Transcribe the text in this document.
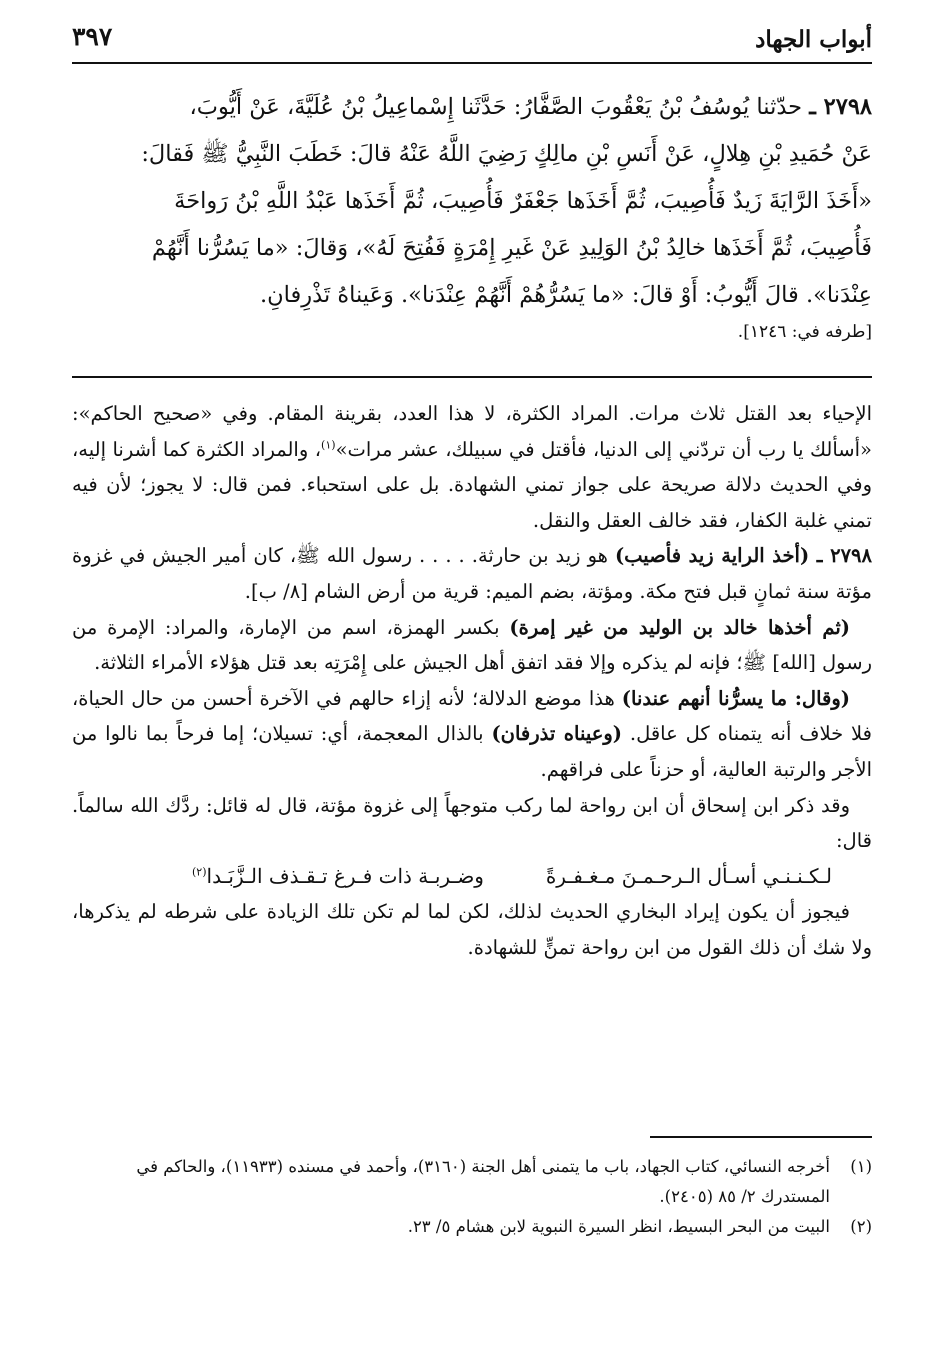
أبواب الجهاد
٣٩٧
٢٧٩٨ ـ حدّثنا يُوسُفُ بْنُ يَعْقُوبَ الصَّفَّارُ: حَدَّثَنا إِسْماعِيلُ بْنُ عُلَيَّةَ، عَنْ أَيُّوبَ،
عَنْ حُمَيدِ بْنِ هِلالٍ، عَنْ أَنَسِ بْنِ مالِكٍ رَضِيَ اللَّهُ عَنْهُ قالَ: خَطَبَ النَّبِيُّ ﷺ فَقالَ:
«أَخَذَ الرَّايَةَ زَيدٌ فَأُصِيبَ، ثُمَّ أَخَذَها جَعْفَرٌ فَأُصِيبَ، ثُمَّ أَخَذَها عَبْدُ اللَّهِ بْنُ رَواحَةَ
فَأُصِيبَ، ثُمَّ أَخَذَها خالِدُ بْنُ الوَلِيدِ عَنْ غَيرِ إِمْرَةٍ فَفُتِحَ لَهُ»، وَقالَ: «ما يَسُرُّنا أَنَّهُمْ
عِنْدَنا». قالَ أَيُّوبُ: أَوْ قالَ: «ما يَسُرُّهُمْ أَنَّهُمْ عِنْدَنا». وَعَيناهُ تَذْرِفانِ.
[طرفه في: ١٢٤٦].

الإحياء بعد القتل ثلاث مرات. المراد الكثرة، لا هذا العدد، بقرينة المقام. وفي «صحيح الحاكم»: «أسألك يا رب أن تردّني إلى الدنيا، فأقتل في سبيلك، عشر مرات»$^{(١)}$، والمراد الكثرة كما أشرنا إليه، وفي الحديث دلالة صريحة على جواز تمني الشهادة. بل على استحباء. فمن قال: لا يجوز؛ لأن فيه تمني غلبة الكفار، فقد خالف العقل والنقل.

٢٧٩٨ ـ (أخذ الراية زيد فأصيب) هو زيد بن حارثة. . . . . رسول الله ﷺ، كان أمير الجيش في غزوة مؤتة سنة ثمانٍ قبل فتح مكة. ومؤتة، بضم الميم: قرية من أرض الشام [٨/ ب].

(ثم أخذها خالد بن الوليد من غير إمرة) بكسر الهمزة، اسم من الإمارة، والمراد: الإمرة من رسول [الله] ﷺ؛ فإنه لم يذكره وإلا فقد اتفق أهل الجيش على إِمْرَتِه بعد قتل هؤلاء الأمراء الثلاثة.

(وقال: ما يسرُّنا أنهم عندنا) هذا موضع الدلالة؛ لأنه إزاء حالهم في الآخرة أحسن من حال الحياة، فلا خلاف أنه يتمناه كل عاقل. (وعيناه تذرفان) بالذال المعجمة، أي: تسيلان؛ إما فرحاً بما نالوا من الأجر والرتبة العالية، أو حزناً على فراقهم.

وقد ذكر ابن إسحاق أن ابن رواحة لما ركب متوجهاً إلى غزوة مؤتة، قال له قائل: ردَّك الله سالماً. قال:

لـكـنـنـي أسـأل الـرحـمـنَ مـغـفـرةً
وضـربـة ذات فـرغ تـقـذف الـزَّبَـدا$^{(٢)}$

فيجوز أن يكون إيراد البخاري الحديث لذلك، لكن لما لم تكن تلك الزيادة على شرطه لم يذكرها، ولا شك أن ذلك القول من ابن رواحة تمنٍّ للشهادة.

(١)
أخرجه النسائي، كتاب الجهاد، باب ما يتمنى أهل الجنة (٣١٦٠)، وأحمد في مسنده (١١٩٣٣)، والحاكم في المستدرك ٢/ ٨٥ (٢٤٠٥).
(٢)
البيت من البحر البسيط، انظر السيرة النبوية لابن هشام ٥/ ٢٣.
